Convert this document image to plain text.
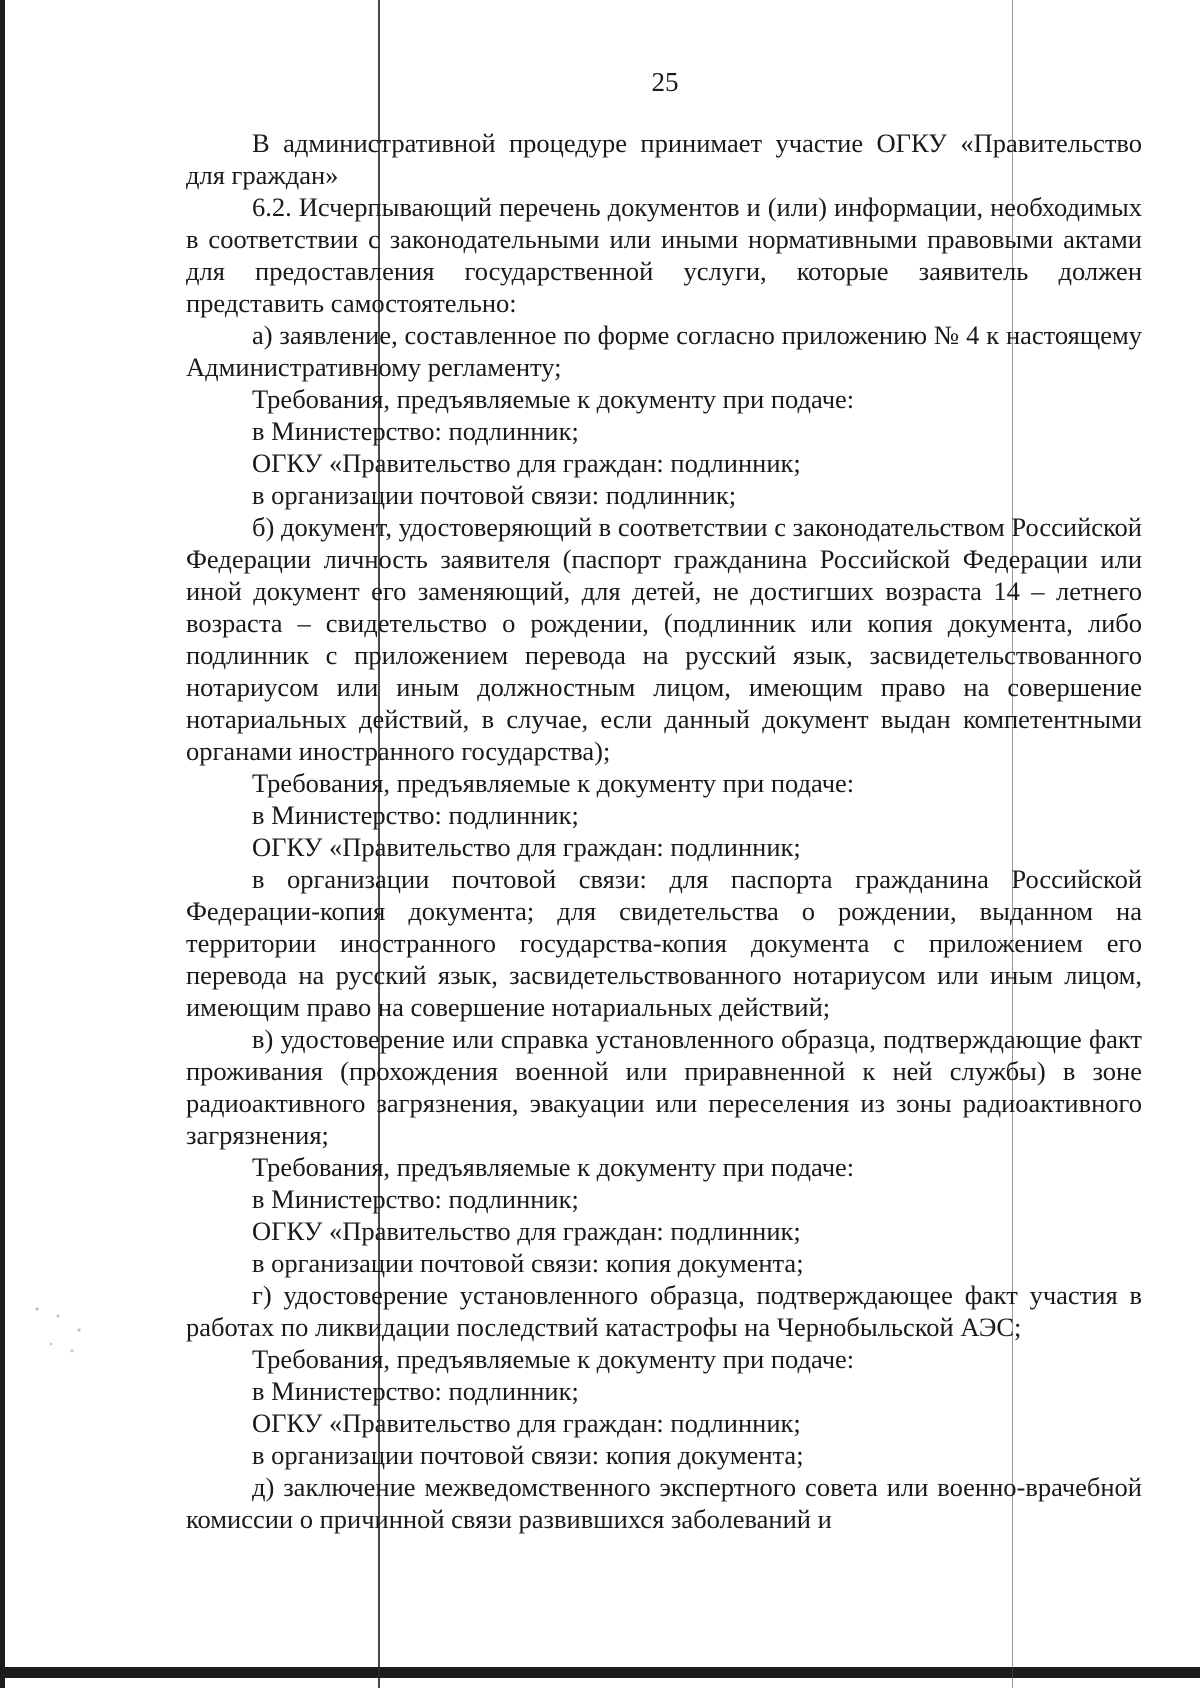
25

В административной процедуре принимает участие ОГКУ «Правительство для граждан»

6.2. Исчерпывающий перечень документов и (или) информации, необходимых в соответствии с законодательными или иными нормативными правовыми актами для предоставления государственной услуги, которые заявитель должен представить самостоятельно:

а) заявление, составленное по форме согласно приложению № 4 к настоящему Административному регламенту;

Требования, предъявляемые к документу при подаче:

в Министерство: подлинник;

ОГКУ «Правительство для граждан: подлинник;

в организации почтовой связи: подлинник;

б) документ, удостоверяющий в соответствии с законодательством Российской Федерации личность заявителя (паспорт гражданина Российской Федерации или иной документ его заменяющий, для детей, не достигших возраста 14 – летнего возраста – свидетельство о рождении, (подлинник или копия документа, либо подлинник с приложением перевода на русский язык, засвидетельствованного нотариусом или иным должностным лицом, имеющим право на совершение нотариальных действий, в случае, если данный документ выдан компетентными органами иностранного государства);

Требования, предъявляемые к документу при подаче:

в Министерство: подлинник;

ОГКУ «Правительство для граждан: подлинник;

в организации почтовой связи: для паспорта гражданина Российской Федерации-копия документа; для свидетельства о рождении, выданном на территории иностранного государства-копия документа с приложением его перевода на русский язык, засвидетельствованного нотариусом или иным лицом, имеющим право на совершение нотариальных действий;

в) удостоверение или справка установленного образца, подтверждающие факт проживания (прохождения военной или приравненной к ней службы) в зоне радиоактивного загрязнения, эвакуации или переселения из зоны радиоактивного загрязнения;

Требования, предъявляемые к документу при подаче:

в Министерство: подлинник;

ОГКУ «Правительство для граждан: подлинник;

в организации почтовой связи: копия документа;

г) удостоверение установленного образца, подтверждающее факт участия в работах по ликвидации последствий катастрофы на Чернобыльской АЭС;

Требования, предъявляемые к документу при подаче:

в Министерство: подлинник;

ОГКУ «Правительство для граждан: подлинник;

в организации почтовой связи: копия документа;

д) заключение межведомственного экспертного совета или военно-врачебной комиссии о причинной связи развившихся заболеваний и
